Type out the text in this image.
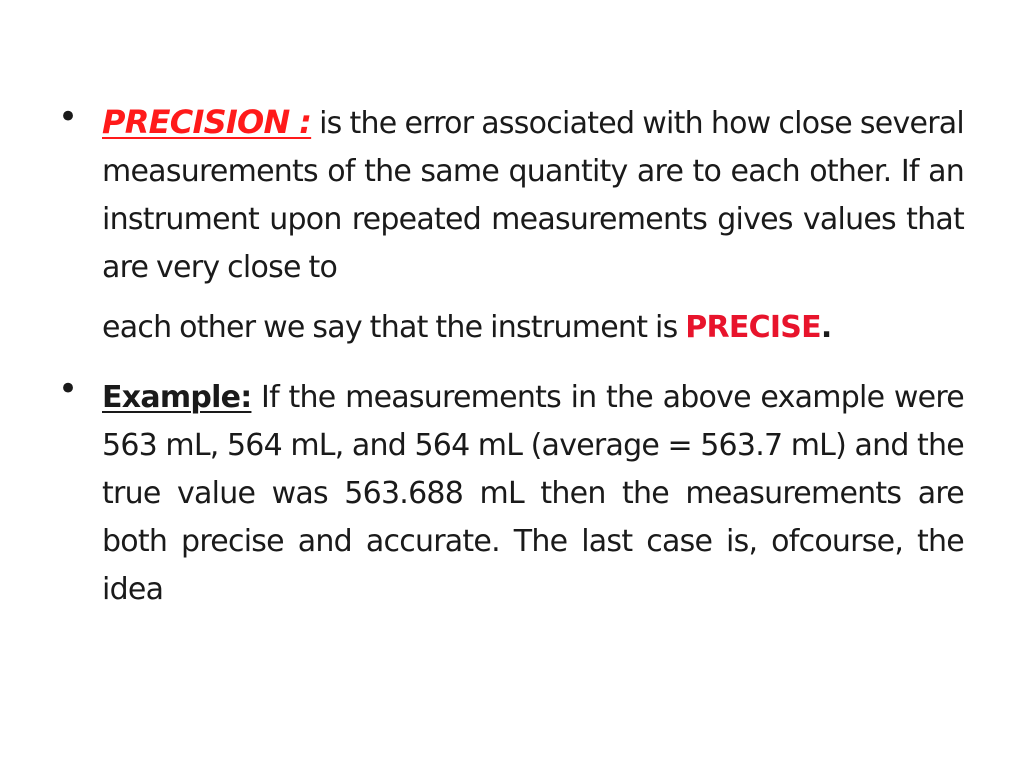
• PRECISION : is the error associated with how close several measurements of the same quantity are to each other. If an instrument upon repeated measurements gives values that are very close to
each other we say that the instrument is PRECISE.

• Example: If the measurements in the above example were 563 mL, 564 mL, and 564 mL (average = 563.7 mL) and the true value was 563.688 mL then the measurements are both precise and accurate. The last case is, ofcourse, the idea
